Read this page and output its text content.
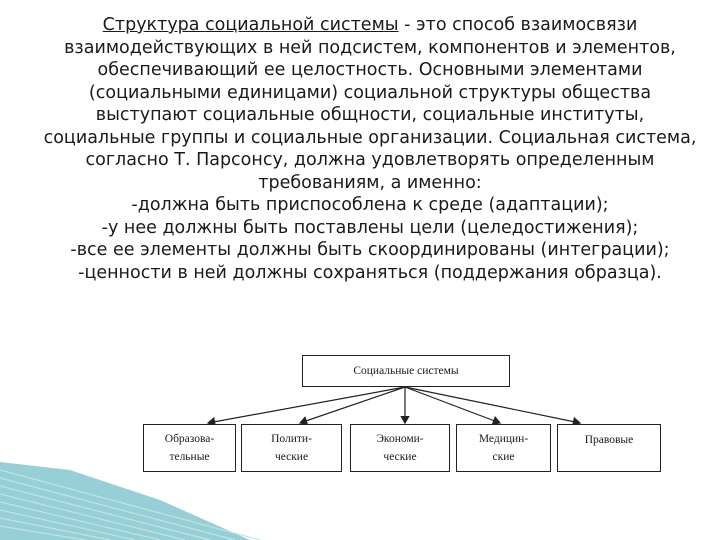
Структура социальной системы - это способ взаимосвязи взаимодействующих в ней подсистем, компонентов и элементов, обеспечивающий ее целостность. Основными элементами (социальными единицами) социальной структуры общества выступают социальные общности, социальные институты, социальные группы и социальные организации. Социальная система, согласно Т. Парсонсу, должна удовлетворять определенным требованиям, а именно:

-должна быть приспособлена к среде (адаптации);

-у нее должны быть поставлены цели (целедостижения);

-все ее элементы должны быть скоординированы (интеграции);

-ценности в ней должны сохраняться (поддержания образца).

Социальные системы
Образова-
тельные
Полити-
ческие
Экономи-
ческие
Медицин-
ские
Правовые
